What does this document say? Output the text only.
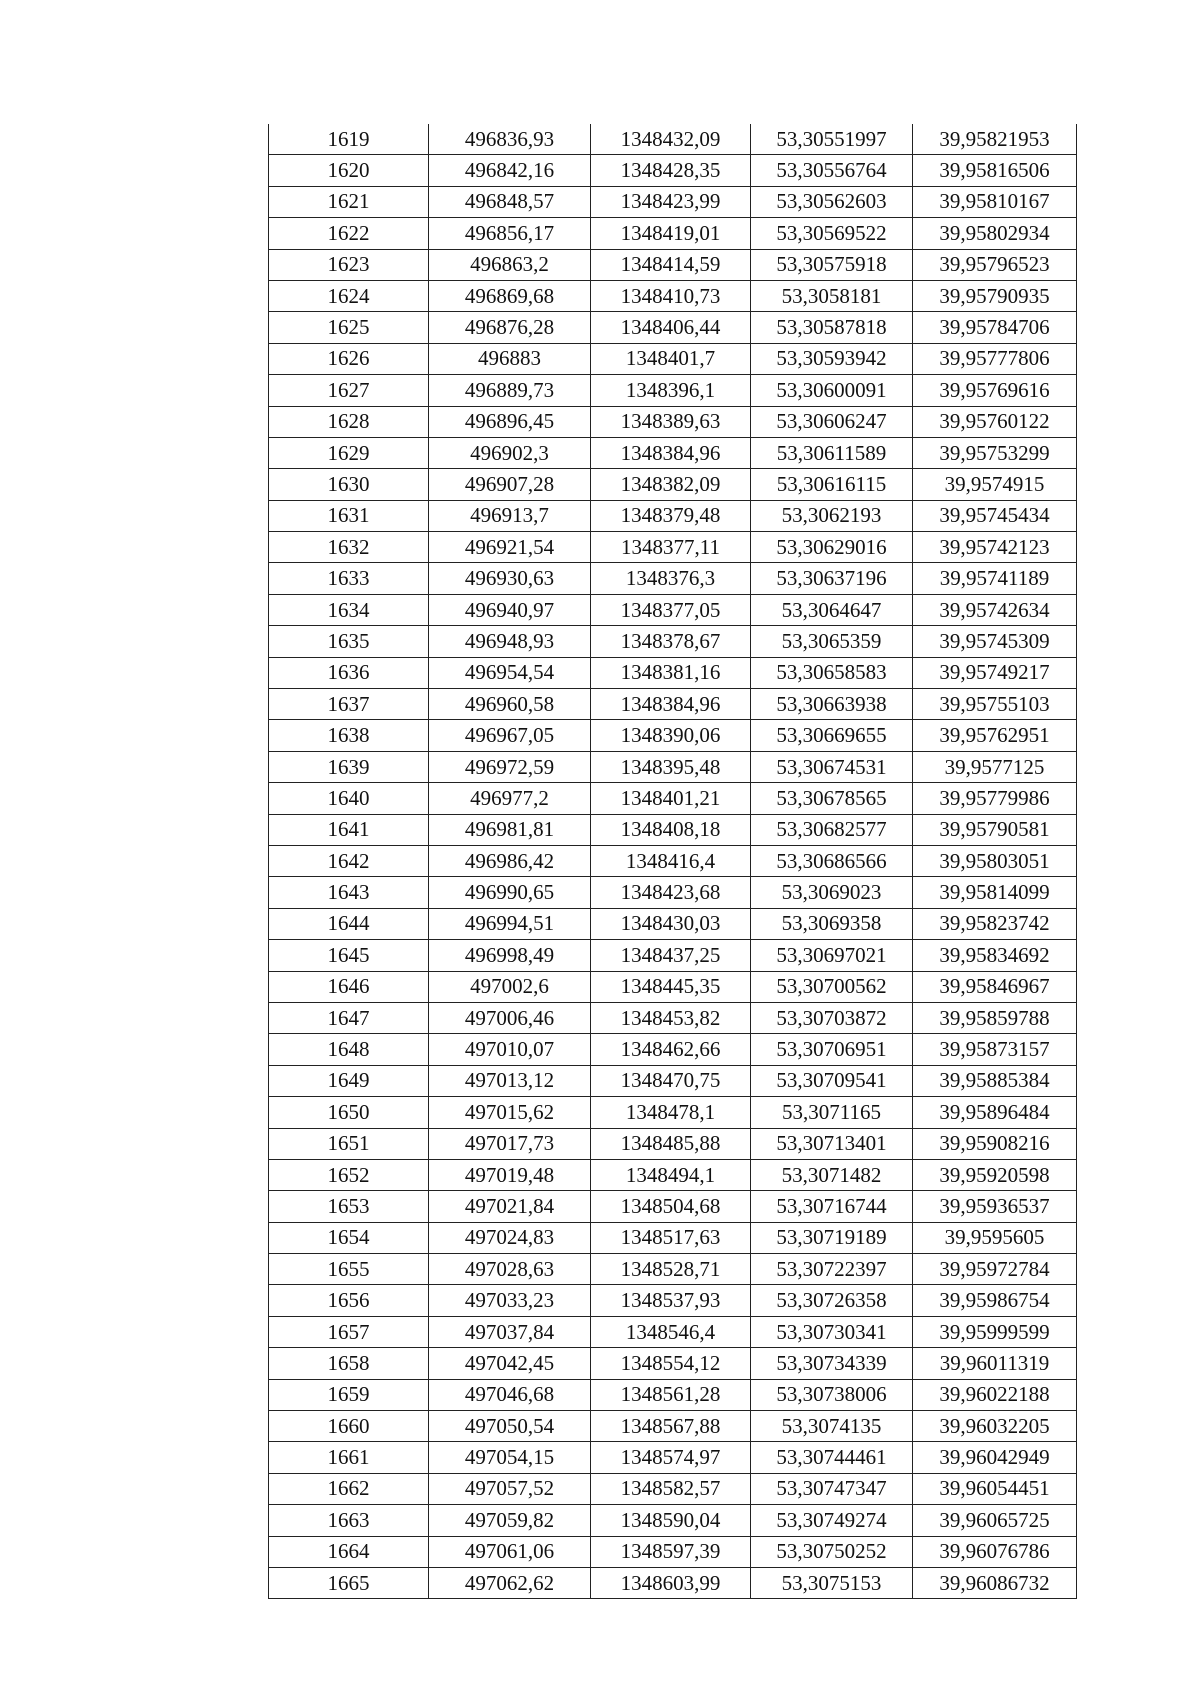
1619	496836,93	1348432,09	53,30551997	39,95821953
1620	496842,16	1348428,35	53,30556764	39,95816506
1621	496848,57	1348423,99	53,30562603	39,95810167
1622	496856,17	1348419,01	53,30569522	39,95802934
1623	496863,2	1348414,59	53,30575918	39,95796523
1624	496869,68	1348410,73	53,3058181	39,95790935
1625	496876,28	1348406,44	53,30587818	39,95784706
1626	496883	1348401,7	53,30593942	39,95777806
1627	496889,73	1348396,1	53,30600091	39,95769616
1628	496896,45	1348389,63	53,30606247	39,95760122
1629	496902,3	1348384,96	53,30611589	39,95753299
1630	496907,28	1348382,09	53,30616115	39,9574915
1631	496913,7	1348379,48	53,3062193	39,95745434
1632	496921,54	1348377,11	53,30629016	39,95742123
1633	496930,63	1348376,3	53,30637196	39,95741189
1634	496940,97	1348377,05	53,3064647	39,95742634
1635	496948,93	1348378,67	53,3065359	39,95745309
1636	496954,54	1348381,16	53,30658583	39,95749217
1637	496960,58	1348384,96	53,30663938	39,95755103
1638	496967,05	1348390,06	53,30669655	39,95762951
1639	496972,59	1348395,48	53,30674531	39,9577125
1640	496977,2	1348401,21	53,30678565	39,95779986
1641	496981,81	1348408,18	53,30682577	39,95790581
1642	496986,42	1348416,4	53,30686566	39,95803051
1643	496990,65	1348423,68	53,3069023	39,95814099
1644	496994,51	1348430,03	53,3069358	39,95823742
1645	496998,49	1348437,25	53,30697021	39,95834692
1646	497002,6	1348445,35	53,30700562	39,95846967
1647	497006,46	1348453,82	53,30703872	39,95859788
1648	497010,07	1348462,66	53,30706951	39,95873157
1649	497013,12	1348470,75	53,30709541	39,95885384
1650	497015,62	1348478,1	53,3071165	39,95896484
1651	497017,73	1348485,88	53,30713401	39,95908216
1652	497019,48	1348494,1	53,3071482	39,95920598
1653	497021,84	1348504,68	53,30716744	39,95936537
1654	497024,83	1348517,63	53,30719189	39,9595605
1655	497028,63	1348528,71	53,30722397	39,95972784
1656	497033,23	1348537,93	53,30726358	39,95986754
1657	497037,84	1348546,4	53,30730341	39,95999599
1658	497042,45	1348554,12	53,30734339	39,96011319
1659	497046,68	1348561,28	53,30738006	39,96022188
1660	497050,54	1348567,88	53,3074135	39,96032205
1661	497054,15	1348574,97	53,30744461	39,96042949
1662	497057,52	1348582,57	53,30747347	39,96054451
1663	497059,82	1348590,04	53,30749274	39,96065725
1664	497061,06	1348597,39	53,30750252	39,96076786
1665	497062,62	1348603,99	53,3075153	39,96086732
